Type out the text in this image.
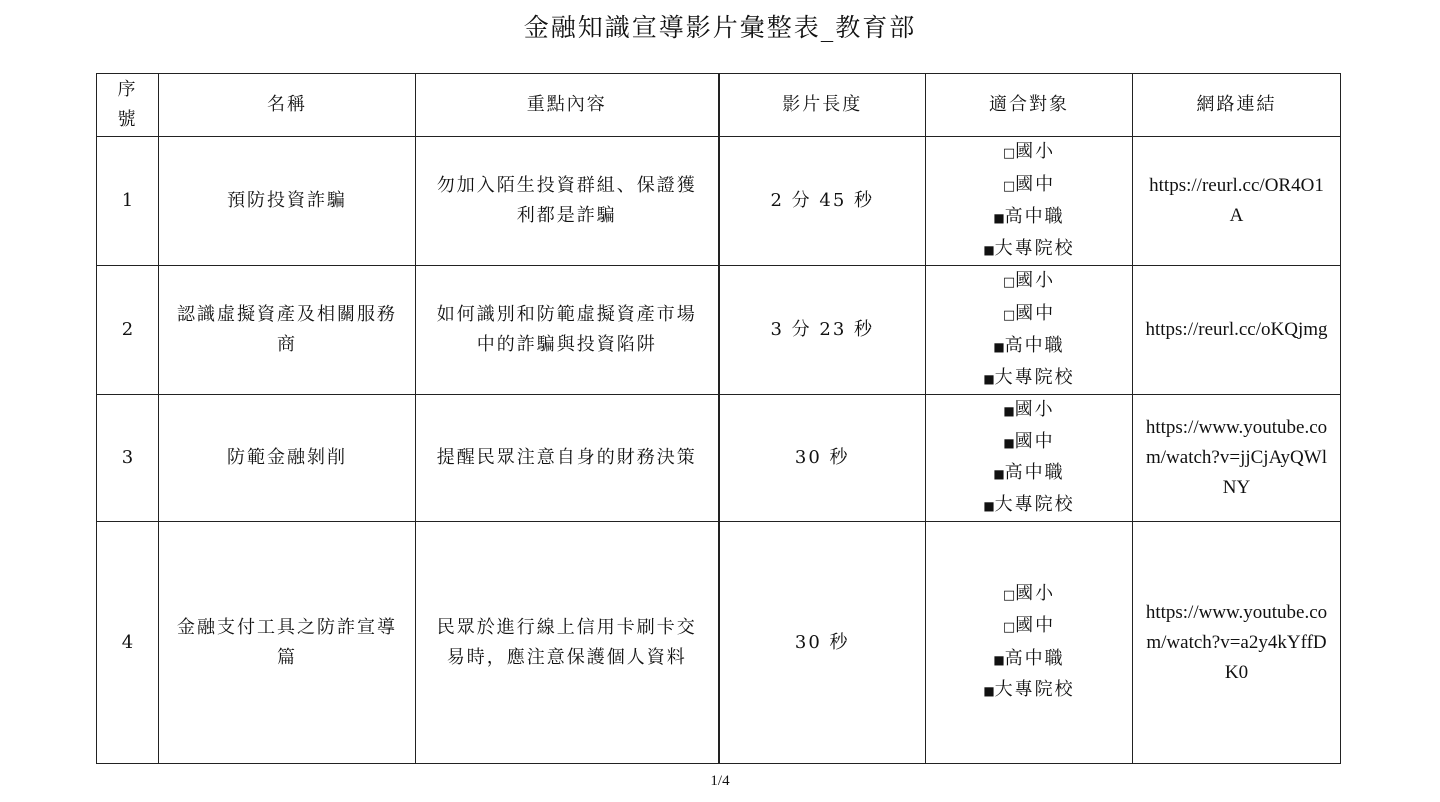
金融知識宣導影片彙整表_教育部
序號	名稱	重點內容	影片長度	適合對象	網路連結
1	預防投資詐騙	勿加入陌生投資群組、保證獲利都是詐騙	2 分 45 秒	□國小
□國中
■高中職
■大專院校	https://reurl.cc/OR4O1A
2	認識虛擬資產及相關服務商	如何識別和防範虛擬資產市場中的詐騙與投資陷阱	3 分 23 秒	□國小
□國中
■高中職
■大專院校	https://reurl.cc/oKQjmg
3	防範金融剝削	提醒民眾注意自身的財務決策	30 秒	■國小
■國中
■高中職
■大專院校	https://www.youtube.com/watch?v=jjCjAyQWlNY
4	金融支付工具之防詐宣導篇	民眾於進行線上信用卡刷卡交易時，應注意保護個人資料	30 秒	□國小
□國中
■高中職
■大專院校	https://www.youtube.com/watch?v=a2y4kYffDK0
1/4
